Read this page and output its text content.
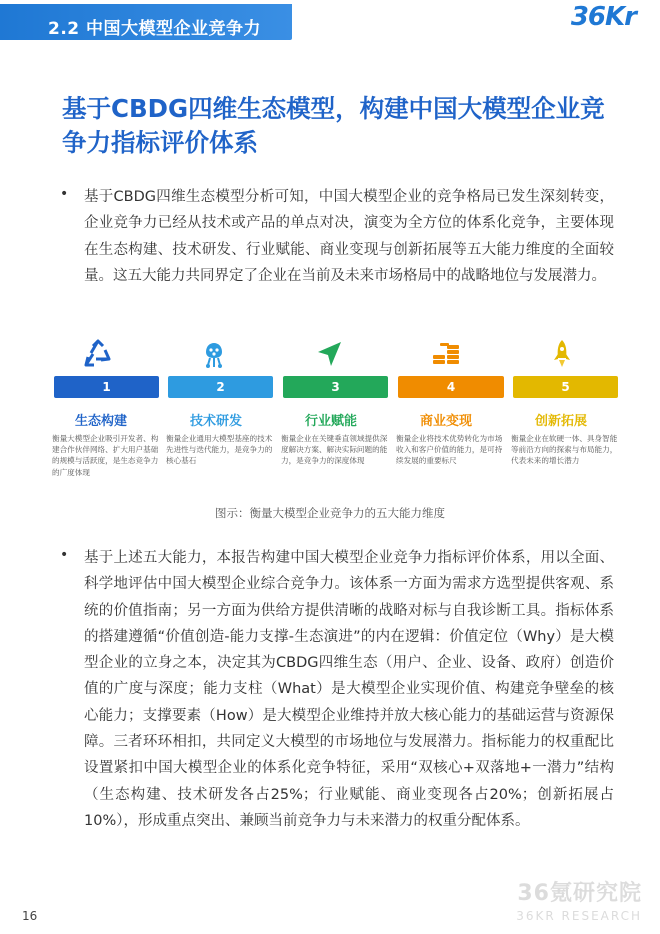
2.2 中国大模型企业竞争力	36Kr
基于CBDG四维生态模型，构建中国大模型企业竞争力指标评价体系
• 基于CBDG四维生态模型分析可知，中国大模型企业的竞争格局已发生深刻转变，企业竞争力已经从技术或产品的单点对决，演变为全方位的体系化竞争，主要体现在生态构建、技术研发、行业赋能、商业变现与创新拓展等五大能力维度的全面较量。这五大能力共同界定了企业在当前及未来市场格局中的战略地位与发展潜力。
1	2	3	4	5
生态构建	技术研发	行业赋能	商业变现	创新拓展
衡量大模型企业吸引开发者、构建合作伙伴网络、扩大用户基础的规模与活跃度，是生态竞争力的广度体现
衡量企业通用大模型基座的技术先进性与迭代能力，是竞争力的核心基石
衡量企业在关键垂直领域提供深度解决方案、解决实际问题的能力，是竞争力的深度体现
衡量企业将技术优势转化为市场收入和客户价值的能力，是可持续发展的重要标尺
衡量企业在软硬一体、具身智能等前沿方向的探索与布局能力，代表未来的增长潜力
图示：衡量大模型企业竞争力的五大能力维度
• 基于上述五大能力，本报告构建中国大模型企业竞争力指标评价体系，用以全面、科学地评估中国大模型企业综合竞争力。该体系一方面为需求方选型提供客观、系统的价值指南；另一方面为供给方提供清晰的战略对标与自我诊断工具。指标体系的搭建遵循“价值创造-能力支撑-生态演进”的内在逻辑：价值定位（Why）是大模型企业的立身之本，决定其为CBDG四维生态（用户、企业、设备、政府）创造价值的广度与深度；能力支柱（What）是大模型企业实现价值、构建竞争壁垒的核心能力；支撑要素（How）是大模型企业维持并放大核心能力的基础运营与资源保障。三者环环相扣，共同定义大模型的市场地位与发展潜力。指标能力的权重配比设置紧扣中国大模型企业的体系化竞争特征，采用“双核心+双落地+一潜力”结构（生态构建、技术研发各占25%；行业赋能、商业变现各占20%；创新拓展占10%），形成重点突出、兼顾当前竞争力与未来潜力的权重分配体系。
16
36氪研究院
36KR RESEARCH
